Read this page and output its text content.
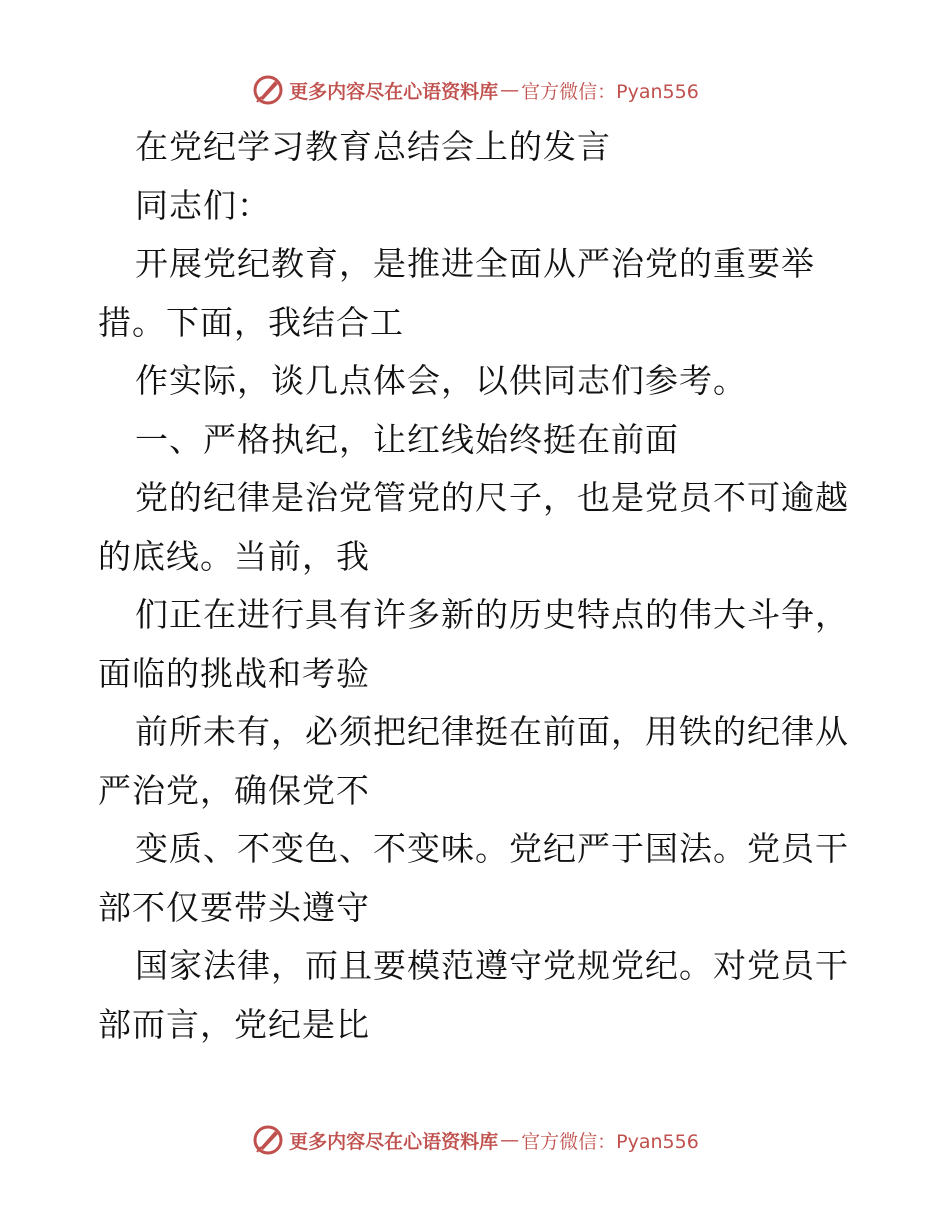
更多内容尽在心语资料库 — 官方微信：Pyan556
在党纪学习教育总结会上的发言
同志们：
开展党纪教育，是推进全面从严治党的重要举
措。下面，我结合工
作实际，谈几点体会，以供同志们参考。
一、严格执纪，让红线始终挺在前面
党的纪律是治党管党的尺子，也是党员不可逾越
的底线。当前，我
们正在进行具有许多新的历史特点的伟大斗争，
面临的挑战和考验
前所未有，必须把纪律挺在前面，用铁的纪律从
严治党，确保党不
变质、不变色、不变味。党纪严于国法。党员干
部不仅要带头遵守
国家法律，而且要模范遵守党规党纪。对党员干
部而言，党纪是比
更多内容尽在心语资料库 — 官方微信：Pyan556
